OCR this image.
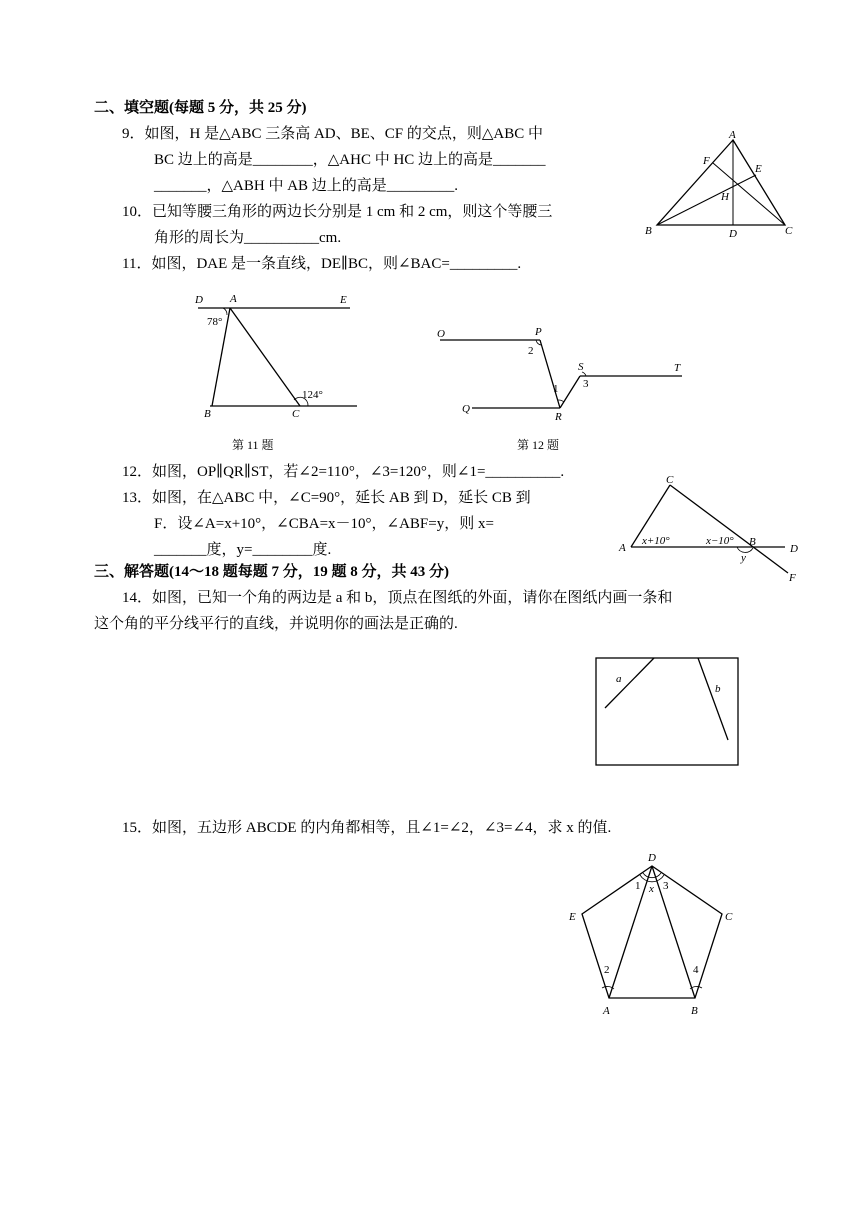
二、填空题(每题 5 分，共 25 分)
9．如图，H 是△ABC 三条高 AD、BE、CF 的交点，则△ABC 中
BC 边上的高是________，△AHC 中 HC 边上的高是_______
_______，△ABH 中 AB 边上的高是_________.
10．已知等腰三角形的两边长分别是 1 cm 和 2 cm，则这个等腰三
角形的周长为__________cm.
11．如图，DAE 是一条直线，DE∥BC，则∠BAC=_________.
A
B	C
D
E
F
H
D A	E
B	C
78°
124°
第 11 题
O	P
Q
R
S	T
1
2
3
第 12 题
12．如图，OP∥QR∥ST，若∠2=110°，∠3=120°，则∠1=__________.
13．如图，在△ABC 中，∠C=90°，延长 AB 到 D，延长 CB 到
F．设∠A=x+10°，∠CBA=x－10°，∠ABF=y，则 x=
_______度，y=________度.
C
A	B
D
F
x+10°	x−10°
y
三、解答题(14～18 题每题 7 分，19 题 8 分，共 43 分)
14．如图，已知一个角的两边是 a 和 b，顶点在图纸的外面，请你在图纸内画一条和
这个角的平分线平行的直线，并说明你的画法是正确的.
a
b
15．如图，五边形 ABCDE 的内角都相等，且∠1=∠2，∠3=∠4，求 x 的值.
D
C
E
A	B
1 3
x
2	4
